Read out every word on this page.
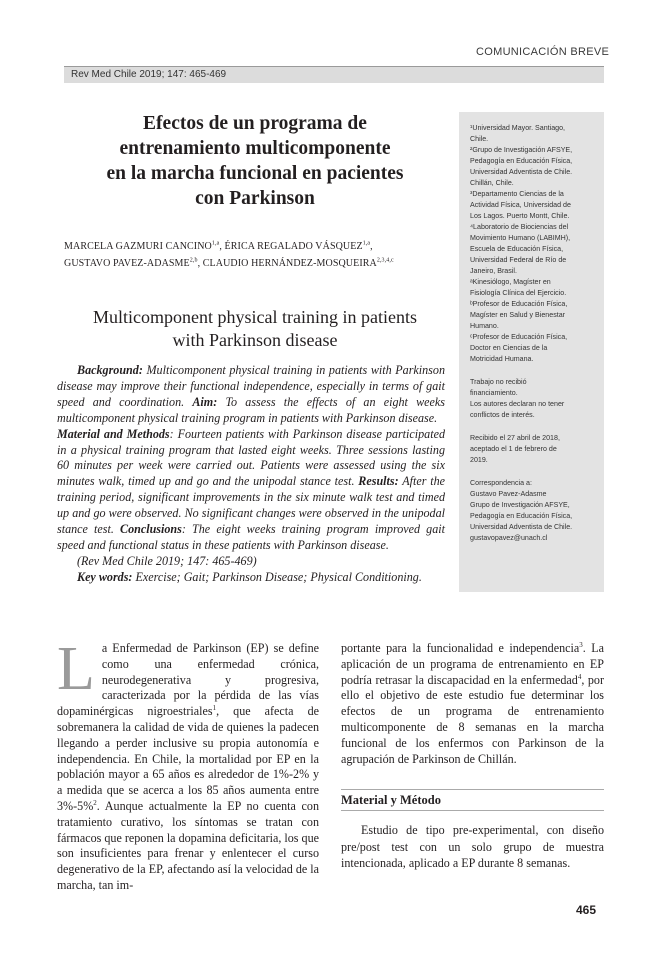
COMUNICACIÓN BREVE
Rev Med Chile 2019; 147: 465-469
¹Universidad Mayor. Santiago,
Chile.
²Grupo de Investigación AFSYE,
Pedagogía en Educación Física,
Universidad Adventista de Chile.
Chillán, Chile.
³Departamento Ciencias de la
Actividad Física, Universidad de
Los Lagos. Puerto Montt, Chile.
⁴Laboratorio de Biociencias del
Movimiento Humano (LABIMH),
Escuela de Educación Física,
Universidad Federal de Río de
Janeiro, Brasil.
ᵃKinesiólogo, Magíster en
Fisiología Clínica del Ejercicio.
ᵇProfesor de Educación Física,
Magíster en Salud y Bienestar
Humano.
ᶜProfesor de Educación Física,
Doctor en Ciencias de la
Motricidad Humana.
Trabajo no recibió
financiamiento.
Los autores declaran no tener
conflictos de interés.
Recibido el 27 abril de 2018,
aceptado el 1 de febrero de
2019.
Correspondencia a:
Gustavo Pavez-Adasme
Grupo de Investigación AFSYE,
Pedagogía en Educación Física,
Universidad Adventista de Chile.
gustavopavez@unach.cl
Efectos de un programa de
entrenamiento multicomponente
en la marcha funcional en pacientes
con Parkinson
MARCELA GAZMURI CANCINO$^{1,a}$, ÉRICA REGALADO VÁSQUEZ$^{1,a}$,
GUSTAVO PAVEZ-ADASME$^{2,b}$, CLAUDIO HERNÁNDEZ-MOSQUEIRA$^{2,3,4,c}$
Multicomponent physical training in patients
with Parkinson disease

Background: Multicomponent physical training in patients with Parkinson disease may improve their functional independence, especially in terms of gait speed and coordination. Aim: To assess the effects of an eight weeks multicomponent physical training program in patients with Parkinson disease.
Material and Methods: Fourteen patients with Parkinson disease participated in a physical training program that lasted eight weeks. Three sessions lasting 60 minutes per week were carried out. Patients were assessed using the six minutes walk, timed up and go and the unipodal stance test. Results: After the training period, significant improvements in the six minute walk test and timed up and go were observed. No significant changes were observed in the unipodal stance test. Conclusions: The eight weeks training program improved gait speed and functional status in these patients with Parkinson disease.

(Rev Med Chile 2019; 147: 465-469)

Key words: Exercise; Gait; Parkinson Disease; Physical Conditioning.

La Enfermedad de Parkinson (EP) se define como una enfermedad crónica, neurodegenerativa y progresiva, caracterizada por la pérdida de las vías dopaminérgicas nigroestriales$^1$, que afecta de sobremanera la calidad de vida de quienes la padecen llegando a perder inclusive su propia autonomía e independencia. En Chile, la mortalidad por EP en la población mayor a 65 años es alrededor de 1%-2% y a medida que se acerca a los 85 años aumenta entre 3%-5%$^2$. Aunque actualmente la EP no cuenta con tratamiento curativo, los síntomas se tratan con fármacos que reponen la dopamina deficitaria, los que son insuficientes para frenar y enlentecer el curso degenerativo de la EP, afectando así la velocidad de la marcha, tan im-

portante para la funcionalidad e independencia$^3$. La aplicación de un programa de entrenamiento en EP podría retrasar la discapacidad en la enfermedad$^4$, por ello el objetivo de este estudio fue determinar los efectos de un programa de entrenamiento multicomponente de 8 semanas en la marcha funcional de los enfermos con Parkinson de la agrupación de Parkinson de Chillán.

Material y Método

Estudio de tipo pre-experimental, con diseño pre/post test con un solo grupo de muestra intencionada, aplicado a EP durante 8 semanas.

465
